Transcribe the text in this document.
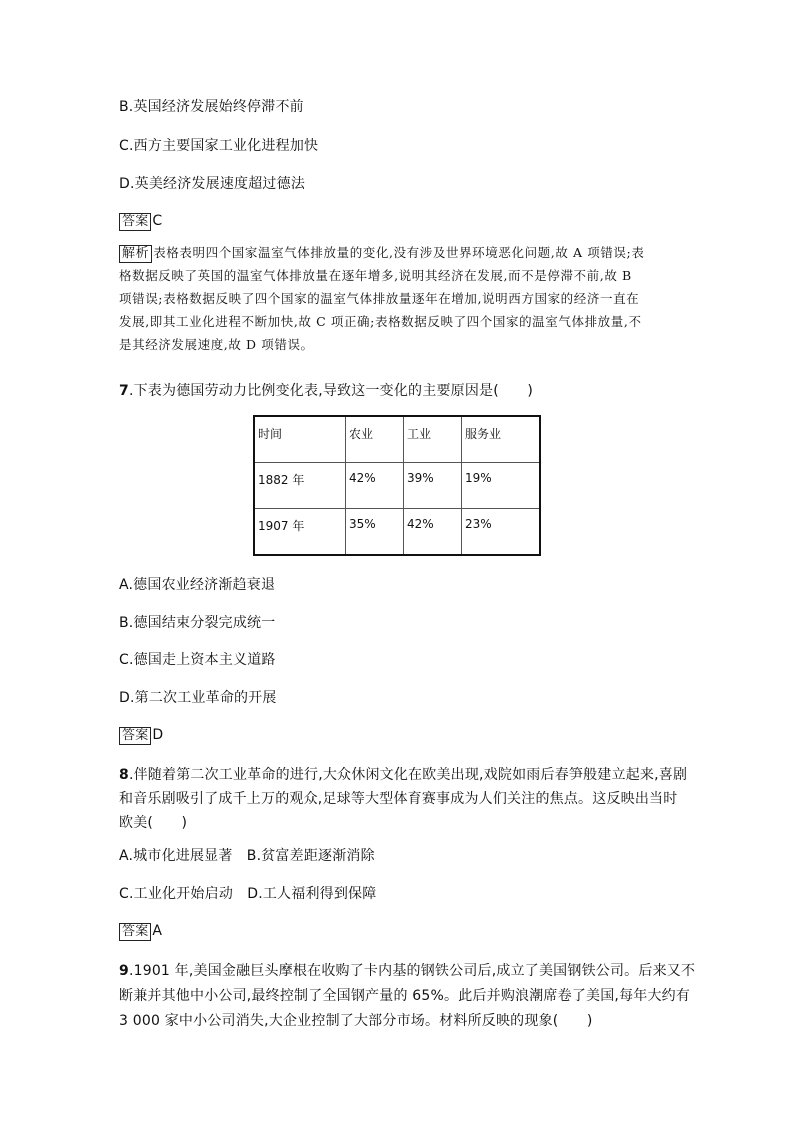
B.英国经济发展始终停滞不前
C.西方主要国家工业化进程加快
D.英美经济发展速度超过德法
答案 C
解析 表格表明四个国家温室气体排放量的变化,没有涉及世界环境恶化问题,故 A 项错误;表
格数据反映了英国的温室气体排放量在逐年增多,说明其经济在发展,而不是停滞不前,故 B
项错误;表格数据反映了四个国家的温室气体排放量逐年在增加,说明西方国家的经济一直在
发展,即其工业化进程不断加快,故 C 项正确;表格数据反映了四个国家的温室气体排放量,不
是其经济发展速度,故 D 项错误。
7.下表为德国劳动力比例变化表,导致这一变化的主要原因是(　　)
时间	农业	工业	服务业
1882 年	42%	39%	19%
1907 年	35%	42%	23%
A.德国农业经济渐趋衰退
B.德国结束分裂完成统一
C.德国走上资本主义道路
D.第二次工业革命的开展
答案 D
8.伴随着第二次工业革命的进行,大众休闲文化在欧美出现,戏院如雨后春笋般建立起来,喜剧
和音乐剧吸引了成千上万的观众,足球等大型体育赛事成为人们关注的焦点。这反映出当时
欧美(　　)
A.城市化进展显著　B.贫富差距逐渐消除
C.工业化开始启动　D.工人福利得到保障
答案 A
9.1901 年,美国金融巨头摩根在收购了卡内基的钢铁公司后,成立了美国钢铁公司。后来又不
断兼并其他中小公司,最终控制了全国钢产量的 65%。此后并购浪潮席卷了美国,每年大约有
3 000 家中小公司消失,大企业控制了大部分市场。材料所反映的现象(　　)
